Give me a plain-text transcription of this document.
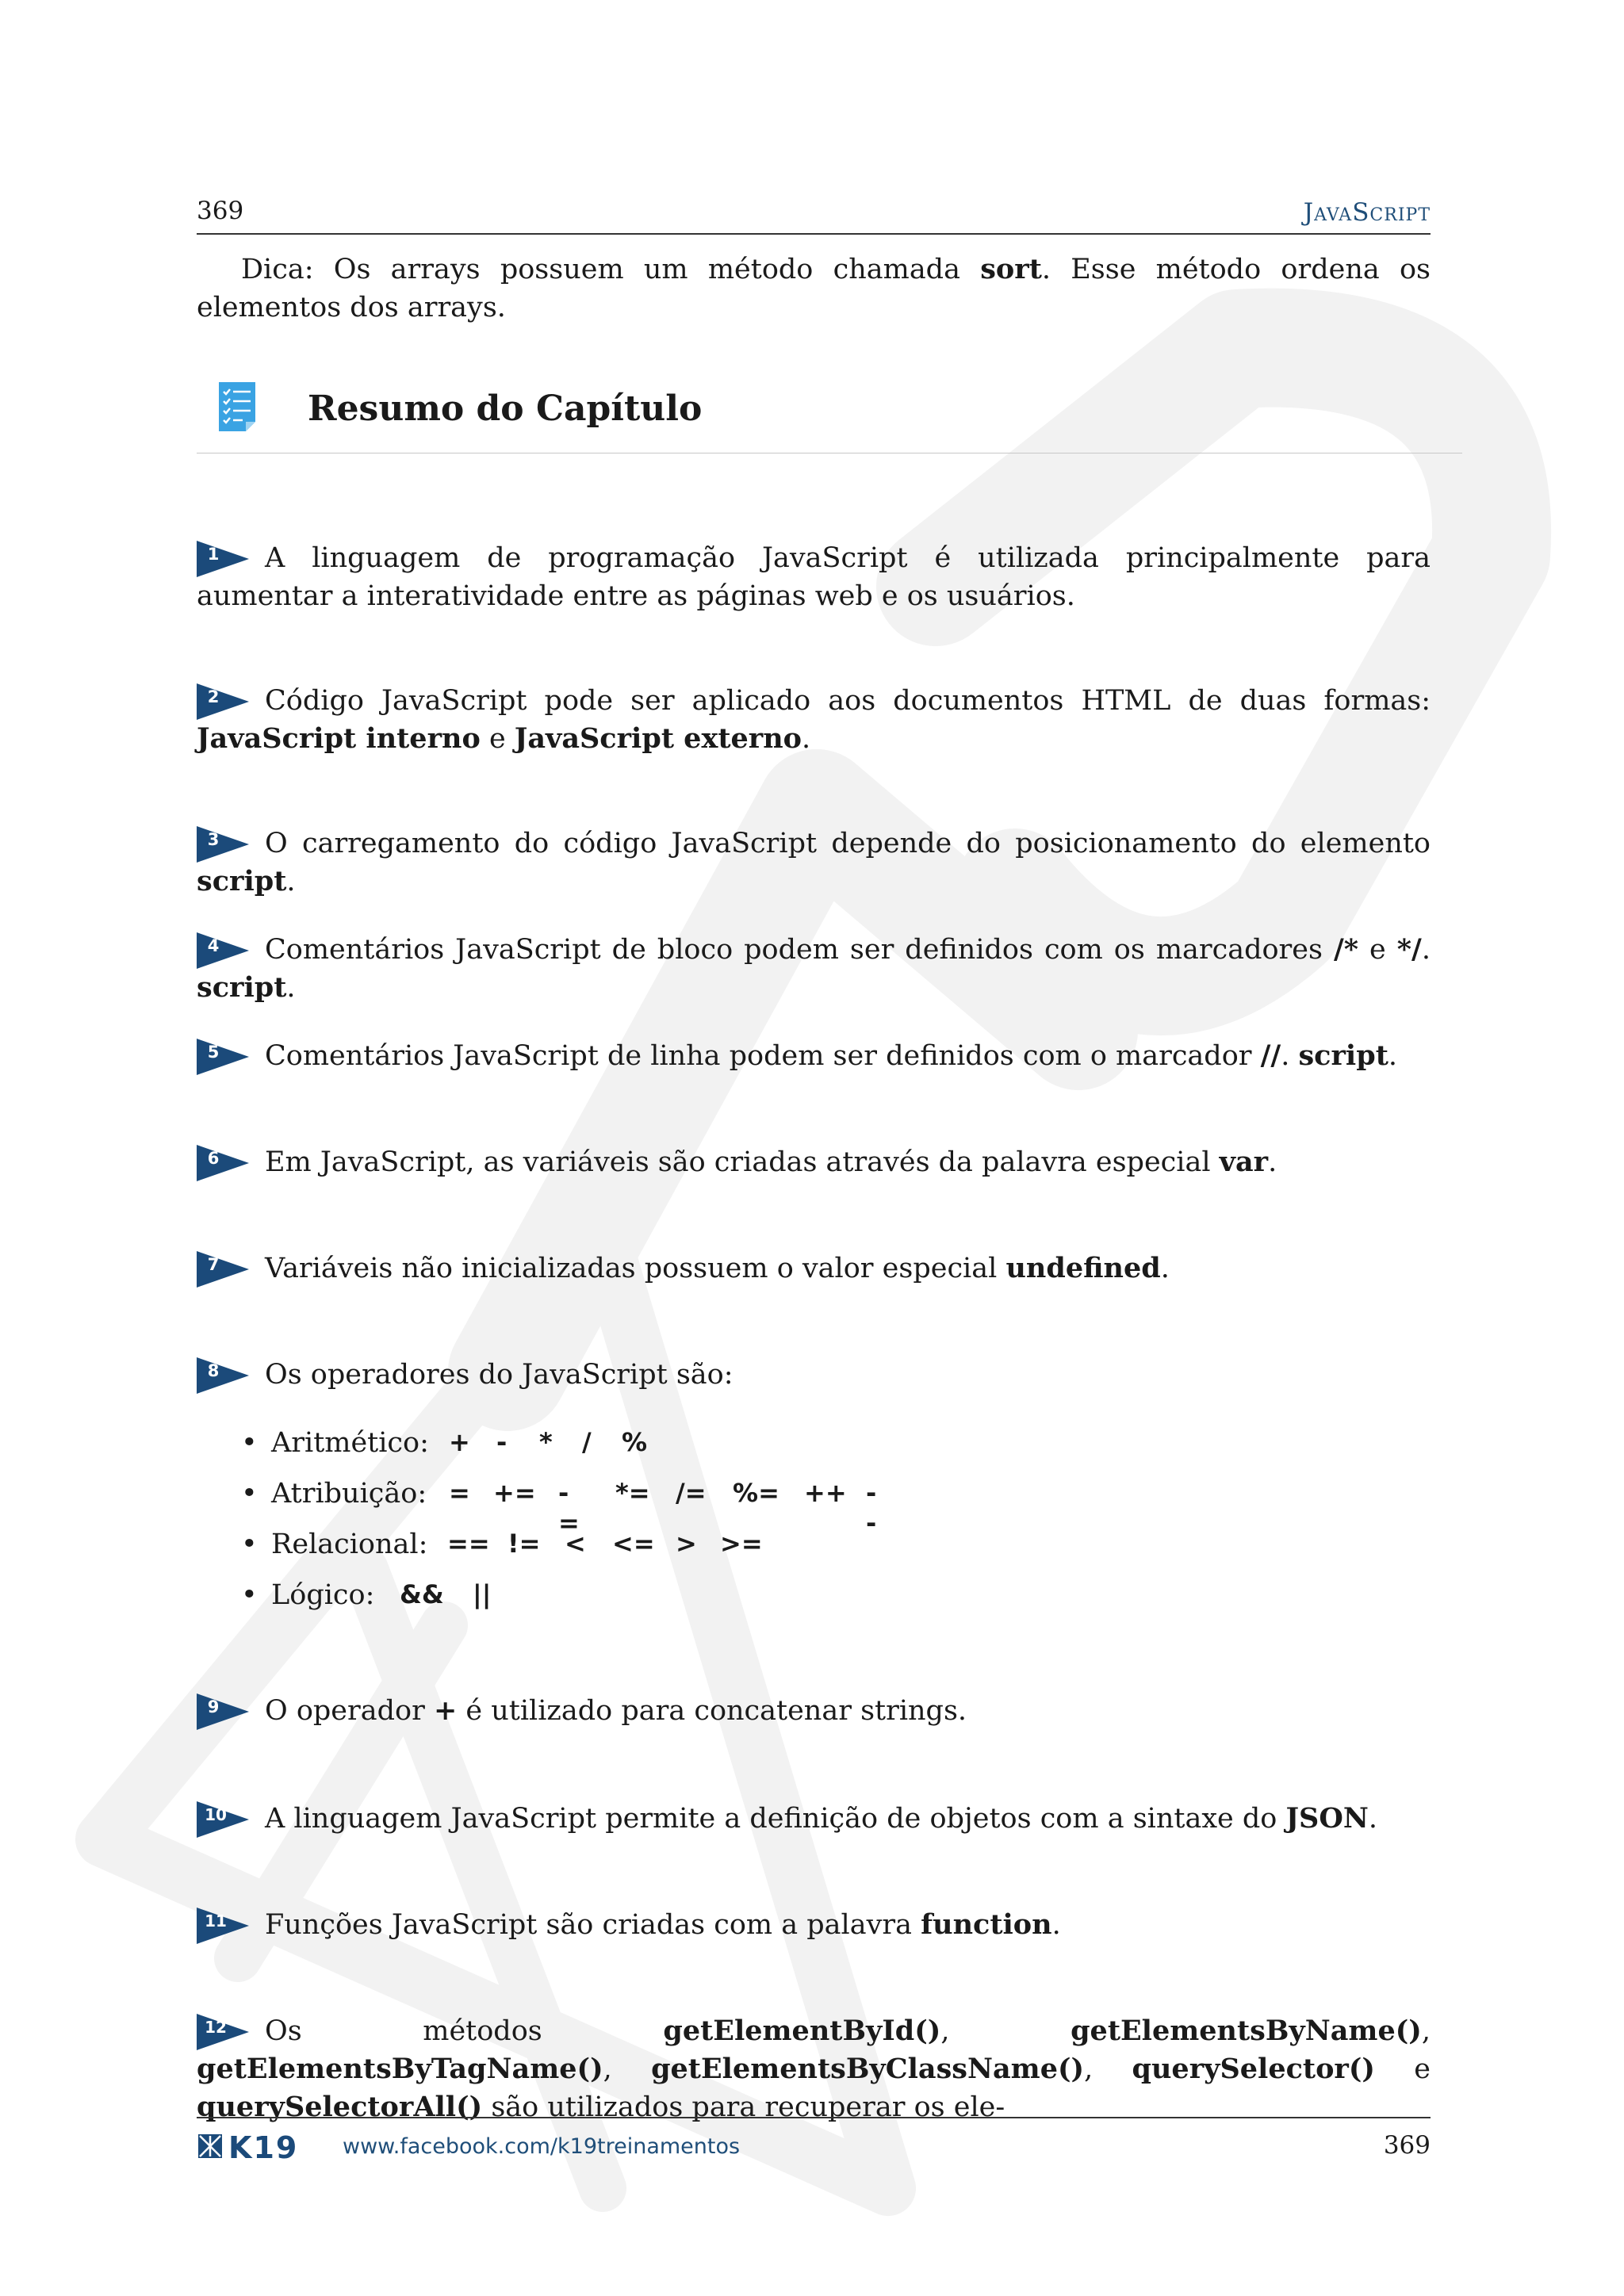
369	JavaScript
Dica: Os arrays possuem um método chamada sort. Esse método ordena os elementos dos arrays.
Resumo do Capítulo
1 A linguagem de programação JavaScript é utilizada principalmente para aumentar a interatividade entre as páginas web e os usuários.
2 Código JavaScript pode ser aplicado aos documentos HTML de duas formas: JavaScript interno e JavaScript externo.
3 O carregamento do código JavaScript depende do posicionamento do elemento script.
4 Comentários JavaScript de bloco podem ser definidos com os marcadores /* e */. script.
5 Comentários JavaScript de linha podem ser definidos com o marcador //. script.
6 Em JavaScript, as variáveis são criadas através da palavra especial var.
7 Variáveis não inicializadas possuem o valor especial undefined.
8 Os operadores do JavaScript são:
• Aritmético: + - * / %
• Atribuição: = += -=
*= /= %= ++ --
• Relacional: == != < <= > >=
• Lógico: && ||
9 O operador + é utilizado para concatenar strings.
10 A linguagem JavaScript permite a definição de objetos com a sintaxe do JSON.
11 Funções JavaScript são criadas com a palavra function.
12 Os métodos getElementById(), getElementsByName(), getElementsByTagName(), getElementsByClassName(), querySelector() e querySelectorAll() são utilizados para recuperar os ele-
K19 www.facebook.com/k19treinamentos	369
